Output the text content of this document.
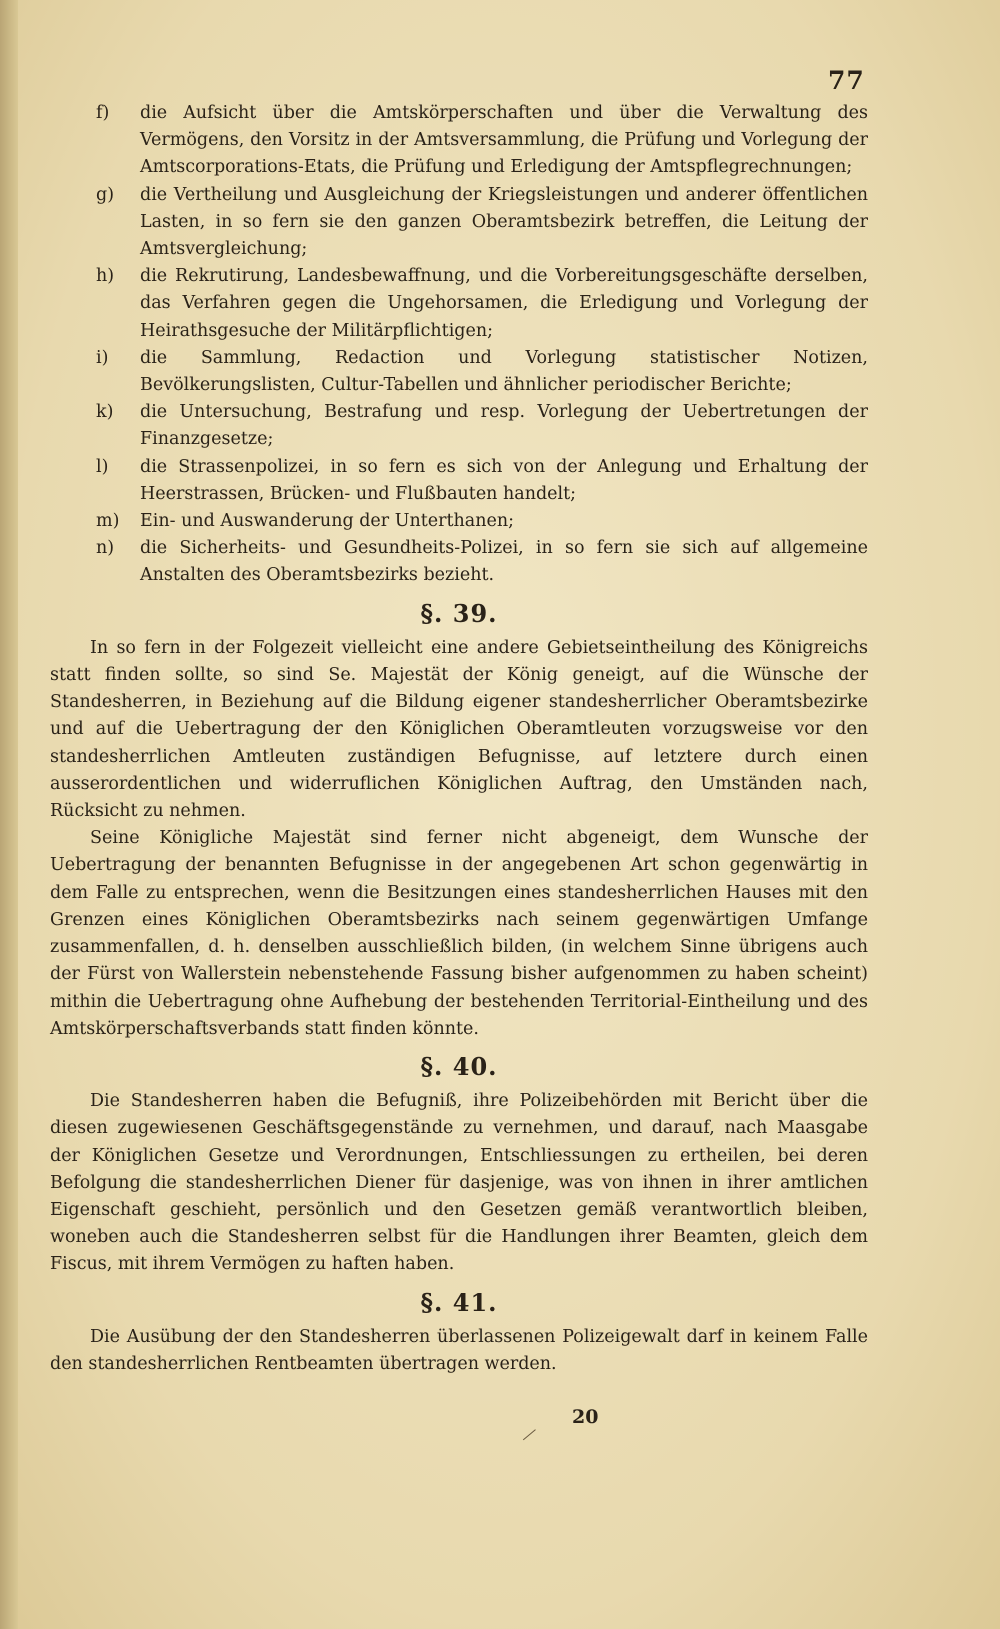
77
f)	die Aufsicht über die Amtskörperschaften und über die Verwaltung des Vermögens, den Vorsitz in der Amtsversammlung, die Prüfung und Vorlegung der Amtscorporations-Etats, die Prüfung und Erledigung der Amtspflegrechnungen;
g)	die Vertheilung und Ausgleichung der Kriegsleistungen und anderer öffentlichen Lasten, in so fern sie den ganzen Oberamtsbezirk betreffen, die Leitung der Amtsvergleichung;
h)	die Rekrutirung, Landesbewaffnung, und die Vorbereitungsgeschäfte derselben, das Verfahren gegen die Ungehorsamen, die Erledigung und Vorlegung der Heirathsgesuche der Militärpflichtigen;
i)	die Sammlung, Redaction und Vorlegung statistischer Notizen, Bevölkerungslisten, Cultur-Tabellen und ähnlicher periodischer Berichte;
k)	die Untersuchung, Bestrafung und resp. Vorlegung der Uebertretungen der Finanzgesetze;
l)	die Strassenpolizei, in so fern es sich von der Anlegung und Erhaltung der Heerstrassen, Brücken- und Flußbauten handelt;
m)	Ein- und Auswanderung der Unterthanen;
n)	die Sicherheits- und Gesundheits-Polizei, in so fern sie sich auf allgemeine Anstalten des Oberamtsbezirks bezieht.
§. 39.

In so fern in der Folgezeit vielleicht eine andere Gebietseintheilung des Königreichs statt finden sollte, so sind Se. Majestät der König geneigt, auf die Wünsche der Standesherren, in Beziehung auf die Bildung eigener standesherrlicher Oberamtsbezirke und auf die Uebertragung der den Königlichen Oberamtleuten vorzugsweise vor den standesherrlichen Amtleuten zuständigen Befugnisse, auf letztere durch einen ausserordentlichen und widerruflichen Königlichen Auftrag, den Umständen nach, Rücksicht zu nehmen.

Seine Königliche Majestät sind ferner nicht abgeneigt, dem Wunsche der Uebertragung der benannten Befugnisse in der angegebenen Art schon gegenwärtig in dem Falle zu entsprechen, wenn die Besitzungen eines standesherrlichen Hauses mit den Grenzen eines Königlichen Oberamtsbezirks nach seinem gegenwärtigen Umfange zusammenfallen, d. h. denselben ausschließlich bilden, (in welchem Sinne übrigens auch der Fürst von Wallerstein nebenstehende Fassung bisher aufgenommen zu haben scheint) mithin die Uebertragung ohne Aufhebung der bestehenden Territorial-Eintheilung und des Amtskörperschaftsverbands statt finden könnte.

§. 40.

Die Standesherren haben die Befugniß, ihre Polizeibehörden mit Bericht über die diesen zugewiesenen Geschäftsgegenstände zu vernehmen, und darauf, nach Maasgabe der Königlichen Gesetze und Verordnungen, Entschliessungen zu ertheilen, bei deren Befolgung die standesherrlichen Diener für dasjenige, was von ihnen in ihrer amtlichen Eigenschaft geschieht, persönlich und den Gesetzen gemäß verantwortlich bleiben, woneben auch die Standesherren selbst für die Handlungen ihrer Beamten, gleich dem Fiscus, mit ihrem Vermögen zu haften haben.

§. 41.

Die Ausübung der den Standesherren überlassenen Polizeigewalt darf in keinem Falle den standesherrlichen Rentbeamten übertragen werden.

20
